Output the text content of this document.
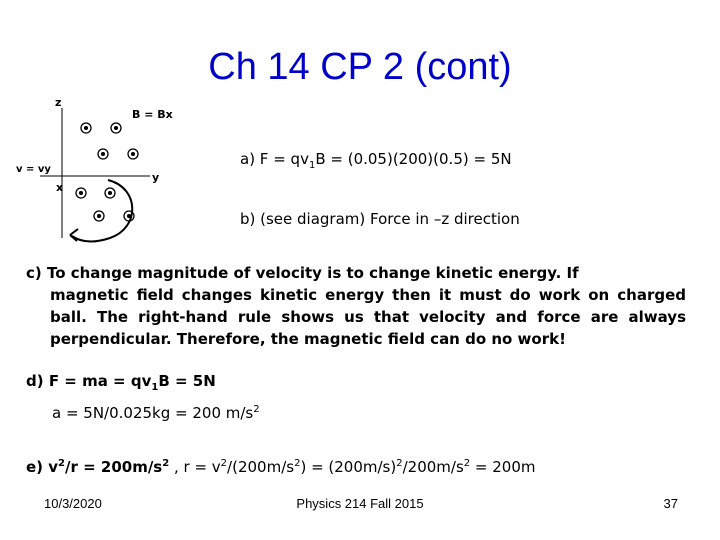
Ch 14 CP 2 (cont)
z
B = Bx
v = vy
y
x
a) $F = qv_1B = (0.05)(200)(0.5) = 5N$
b) (see diagram) Force in –z direction
c) To change magnitude of velocity is to change kinetic energy. If
magnetic field changes kinetic energy then it must do work on charged ball. The right-hand rule shows us that velocity and force are always perpendicular. Therefore, the magnetic field can do no work!
d) F = ma = $qv_1B = 5N$
a = 5N/0.025kg = 200 $m/s^2$
e) $v^2/r = 200m/s^2$ , $r = v^2/(200m/s^2) = (200m/s)^2/200m/s^2 = 200m$
10/3/2020	Physics 214 Fall 2015	37
